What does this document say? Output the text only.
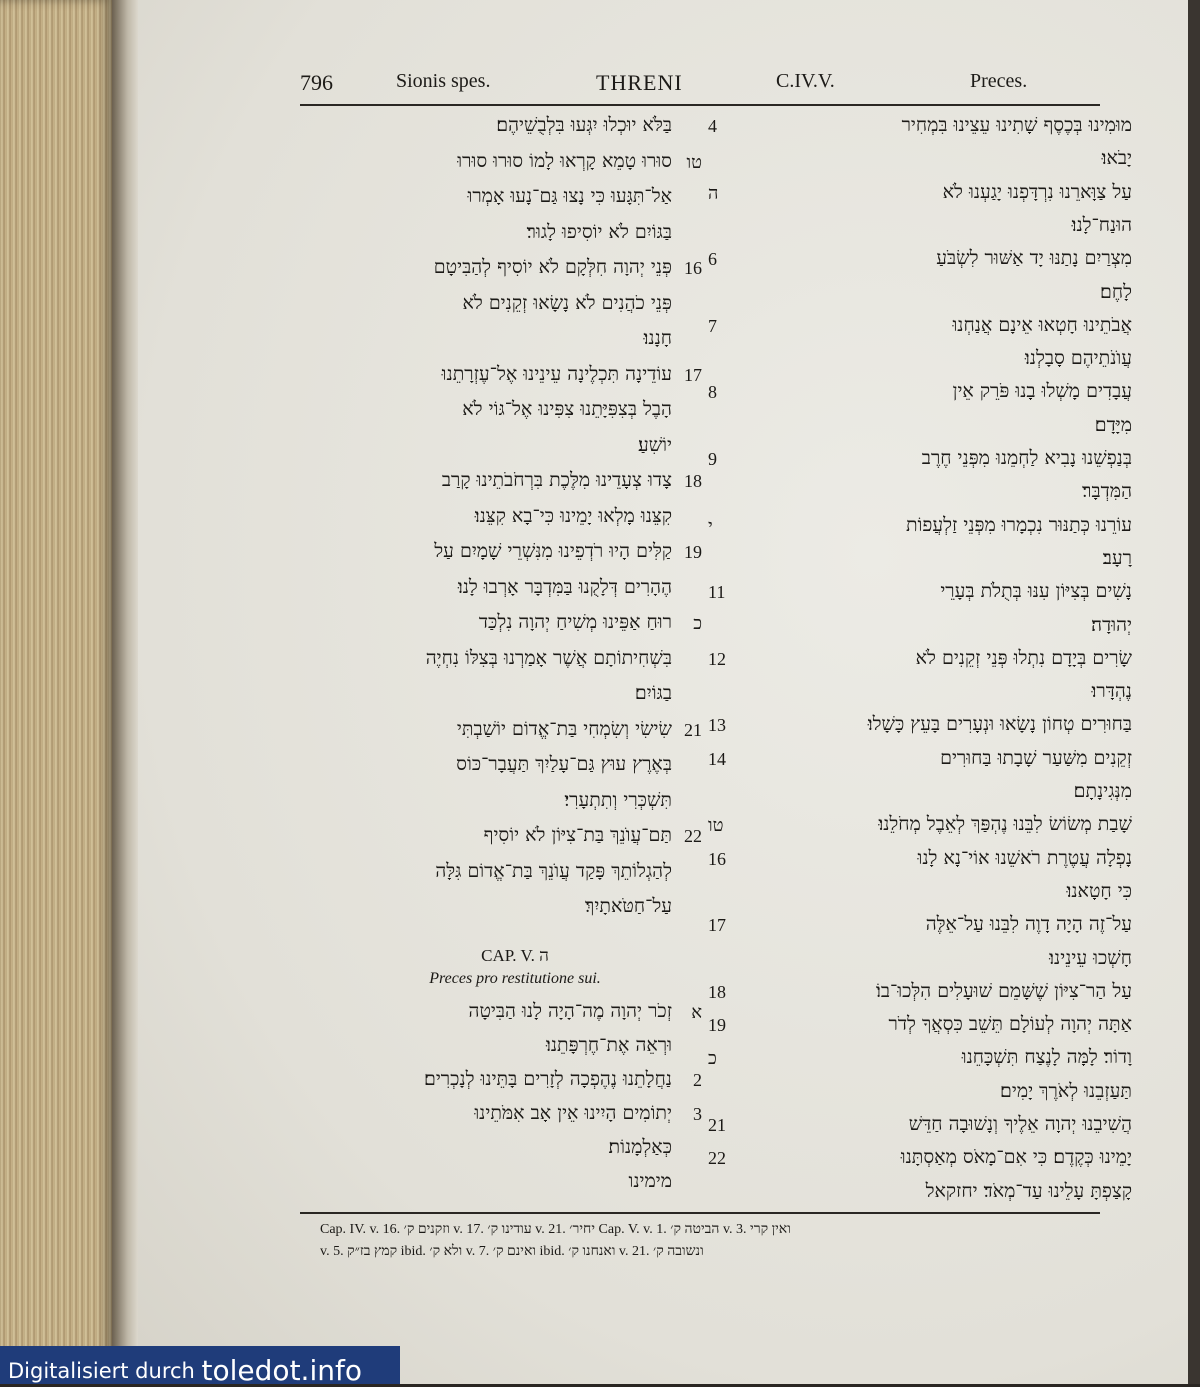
796	Sionis spes.	THRENI	C.IV.V.	Preces.
מוּמִינוּ בְּכֶסֶף שָׁתִינוּ עֵצֵינוּ בִּמְחִיר
4
יָבֹאוּ׃
עַל צַוָּארֵנוּ נִרְדָּפְנוּ יָגַעְנוּ לֹא
ה
הוּנַח־לָנוּ׃
מִצְרַיִם נָתַנּוּ יָד אַשּׁוּר לִשְׂבֹּעַ
6
לָחֶם׃
אֲבֹתֵינוּ חָטְאוּ אֵינָם אֲנַחְנוּ
7
עֲוֺנֹתֵיהֶם סָבָלְנוּ׃
עֲבָדִים מָשְׁלוּ בָנוּ פֹּרֵק אֵין
8
מִיָּדָם׃
בְּנַפְשֵׁנוּ נָבִיא לַחְמֵנוּ מִפְּנֵי חֶרֶב
9
הַמִּדְבָּר׃
עוֹרֵנוּ כְּתַנּוּר נִכְמָרוּ מִפְּנֵי זַלְעֲפוֹת
י
רָעָב׃
נָשִׁים בְּצִיּוֹן עִנּוּ בְּתֻלֹת בְּעָרֵי
11
יְהוּדָה׃
שָׂרִים בְּיָדָם נִתְלוּ פְּנֵי זְקֵנִים לֹא
12
נֶהְדָּרוּ׃
בַּחוּרִים טְחוֹן נָשָׂאוּ וּנְעָרִים בָּעֵץ כָּשָׁלוּ׃
13
זְקֵנִים מִשַּׁעַר שָׁבָתוּ בַּחוּרִים
14
מִנְּגִינָתָם׃
שָׁבַת מְשׂוֹשׂ לִבֵּנוּ נֶהְפַּךְ לְאֵבֶל מְחֹלֵנוּ׃
טו
נָפְלָה עֲטֶרֶת רֹאשֵׁנוּ אוֹי־נָא לָנוּ
16
כִּי חָטָאנוּ׃
עַל־זֶה הָיָה דָוֶה לִבֵּנוּ עַל־אֵלֶּה
17
חָשְׁכוּ עֵינֵינוּ׃
עַל הַר־צִיּוֹן שֶׁשָּׁמֵם שׁוּעָלִים הִלְּכוּ־בוֹ׃
18
אַתָּה יְהוָה לְעוֹלָם תֵּשֵׁב כִּסְאֲךָ לְדֹר
19
וָדוֹר׃ לָמָּה לָנֶצַח תִּשְׁכָּחֵנוּ
כ
תַּעַזְבֵנוּ לְאֹרֶךְ יָמִים׃
הֲשִׁיבֵנוּ יְהוָה אֵלֶיךָ וְנָשׁוּבָה חַדֵּשׁ
21
יָמֵינוּ כְּקֶדֶם׃ כִּי אִם־מָאֹס מְאַסְתָּנוּ
22
קָצַפְתָּ עָלֵינוּ עַד־מְאֹד׃ יחזקאל
בַּלֹּא יוּכְלוּ יִגְּעוּ בִּלְבֻשֵׁיהֶם׃
סוּרוּ טָמֵא קָרְאוּ לָמוֹ סוּרוּ סוּרוּ טו
אַל־תִּגָּעוּ כִּי נָצוּ גַּם־נָעוּ אָמְרוּ
בַּגּוֹיִם לֹא יוֹסִיפוּ לָגוּר׃
פְּנֵי יְהוָה חִלְּקָם לֹא יוֹסִיף לְהַבִּיטָם 16
פְּנֵי כֹהֲנִים לֹא נָשָׂאוּ זְקֵנִים לֹא
חָנָנוּ׃
עוֹדֵינָה תִּכְלֶינָה עֵינֵינוּ אֶל־עֶזְרָתֵנוּ 17
הָבֶל בְּצִפִּיָּתֵנוּ צִפִּינוּ אֶל־גּוֹי לֹא
יוֹשִׁעַ׃
צָדוּ צְעָדֵינוּ מִלֶּכֶת בִּרְחֹבֹתֵינוּ קָרַב 18
קִצֵּנוּ מָלְאוּ יָמֵינוּ כִּי־בָא קִצֵּנוּ׃
קַלִּים הָיוּ רֹדְפֵינוּ מִנִּשְׁרֵי שָׁמָיִם עַל 19
הֶהָרִים דְּלָקֻנוּ בַּמִּדְבָּר אָרְבוּ לָנוּ׃
רוּחַ אַפֵּינוּ מְשִׁיחַ יְהוָה נִלְכַּד כ
בִּשְׁחִיתוֹתָם אֲשֶׁר אָמַרְנוּ בְּצִלּוֹ נִחְיֶה
בַגּוֹיִם׃
שִׂישִׂי וְשִׂמְחִי בַּת־אֱדוֹם יוֹשַׁבְתִּי 21
בְּאֶרֶץ עוּץ גַּם־עָלַיִךְ תַּעֲבָר־כּוֹס
תִּשְׁכְּרִי וְתִתְעָרִי׃
תַּם־עֲוֺנֵךְ בַּת־צִיּוֹן לֹא יוֹסִיף 22
לְהַגְלוֹתֵךְ פָּקַד עֲוֺנֵךְ בַּת־אֱדוֹם גִּלָּה
עַל־חַטֹּאתָיִךְ׃
CAP. V. ה
Preces pro restitutione sui.
זְכֹר יְהוָה מֶה־הָיָה לָנוּ הַבִּיטָה א
וּרְאֵה אֶת־חֶרְפָּתֵנוּ׃
נַחֲלָתֵנוּ נֶהֶפְכָה לְזָרִים בָּתֵּינוּ לְנָכְרִים׃ 2
יְתוֹמִים הָיִינוּ אֵין אָב אִמֹּתֵינוּ 3
כְּאַלְמָנוֹת׃
מימינו
Cap. IV. v. 16. וזקנים ק׳ v. 17. עודינו ק׳ v. 21. יחיר׳ Cap. V. v. 1. הביטה ק׳ v. 3. ואין קרי
v. 5. קמץ בז״ק ibid. ולא ק׳ v. 7. ואינם ק׳ ibid. ואנחנו ק׳ v. 21. ונשובה ק׳
Digitalisiert durch toledot.info
